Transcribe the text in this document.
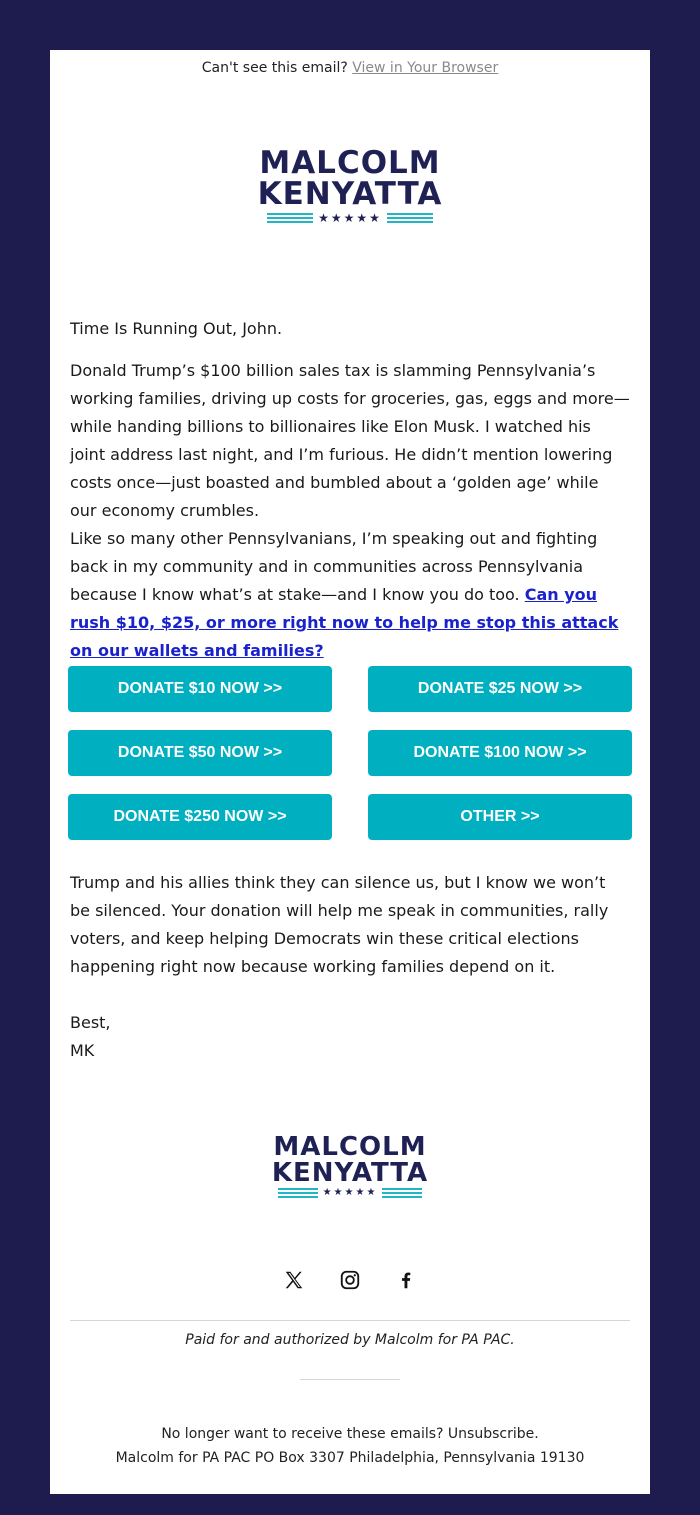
Can't see this email? View in Your Browser
MALCOLM
KENYATTA
★★★★★

Time Is Running Out, John.

Donald Trump’s $100 billion sales tax is slamming Pennsylvania’s working families, driving up costs for groceries, gas, eggs and more—while handing billions to billionaires like Elon Musk. I watched his joint address last night, and I’m furious. He didn’t mention lowering costs once—just boasted and bumbled about a ‘golden age’ while our economy crumbles.

Like so many other Pennsylvanians, I’m speaking out and fighting back in my community and in communities across Pennsylvania because I know what’s at stake—and I know you do too. Can you rush $10, $25, or more right now to help me stop this attack on our wallets and families?

DONATE $10 NOW >>	DONATE $25 NOW >>
DONATE $50 NOW >>	DONATE $100 NOW >>
DONATE $250 NOW >>	OTHER >>

Trump and his allies think they can silence us, but I know we won’t be silenced. Your donation will help me speak in communities, rally voters, and keep helping Democrats win these critical elections happening right now because working families depend on it.

Best,

MK

MALCOLM
KENYATTA
★★★★★
Paid for and authorized by Malcolm for PA PAC.
No longer want to receive these emails? Unsubscribe.
Malcolm for PA PAC PO Box 3307 Philadelphia, Pennsylvania 19130
